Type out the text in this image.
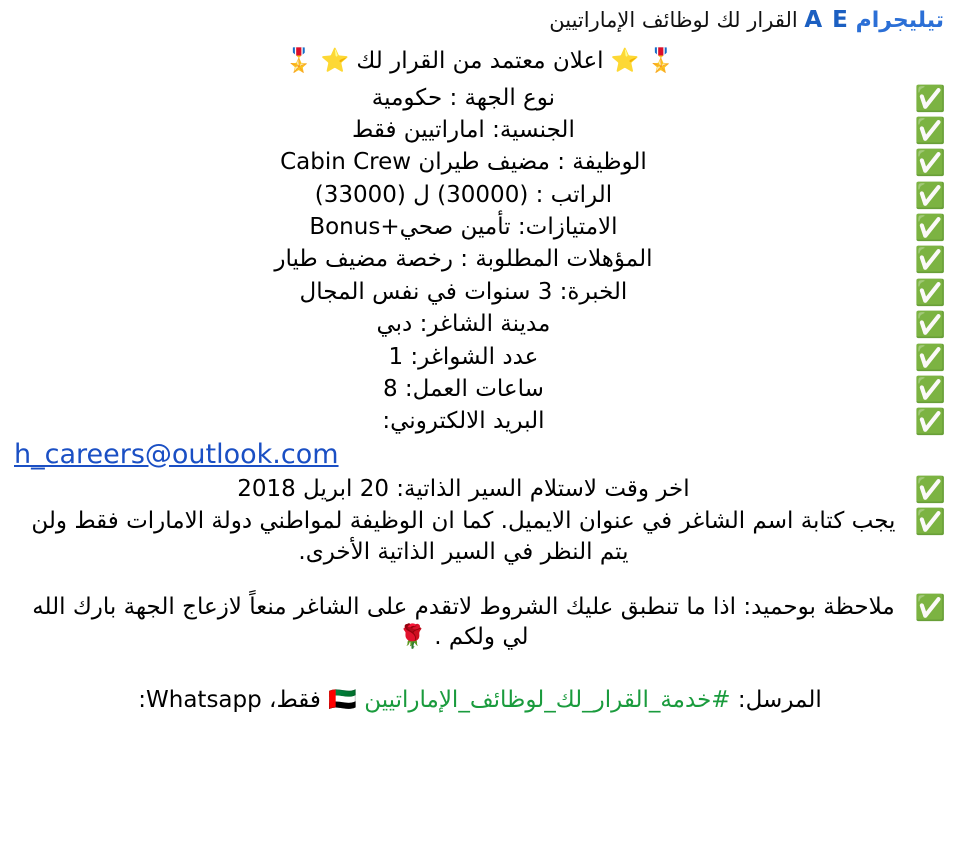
تيليجرام A E القرار لك لوظائف الإماراتيين
🎖️ ⭐ اعلان معتمد من القرار لك ⭐ 🎖️
✅
نوع الجهة : حكومية
✅
الجنسية: اماراتيين فقط
✅
الوظيفة : مضيف طيران Cabin Crew
✅
الراتب : (30000) ل (33000)
✅
الامتيازات: تأمين صحي+Bonus
✅
المؤهلات المطلوبة : رخصة مضيف طيار
✅
الخبرة: 3 سنوات في نفس المجال
✅
مدينة الشاغر: دبي
✅
عدد الشواغر: 1
✅
ساعات العمل: 8
✅
البريد الالكتروني:
h_careers@outlook.com
✅
اخر وقت لاستلام السير الذاتية: 20 ابريل 2018
✅
يجب كتابة اسم الشاغر في عنوان الايميل. كما ان الوظيفة لمواطني دولة الامارات فقط ولن يتم النظر في السير الذاتية الأخرى.
✅
ملاحظة بوحميد: اذا ما تنطبق عليك الشروط لاتقدم على الشاغر منعاً لازعاج الجهة بارك الله لي ولكم . 🌹
المرسل: #خدمة_القرار_لك_لوظائف_الإماراتيين 🇦🇪 فقط، Whatsapp:
